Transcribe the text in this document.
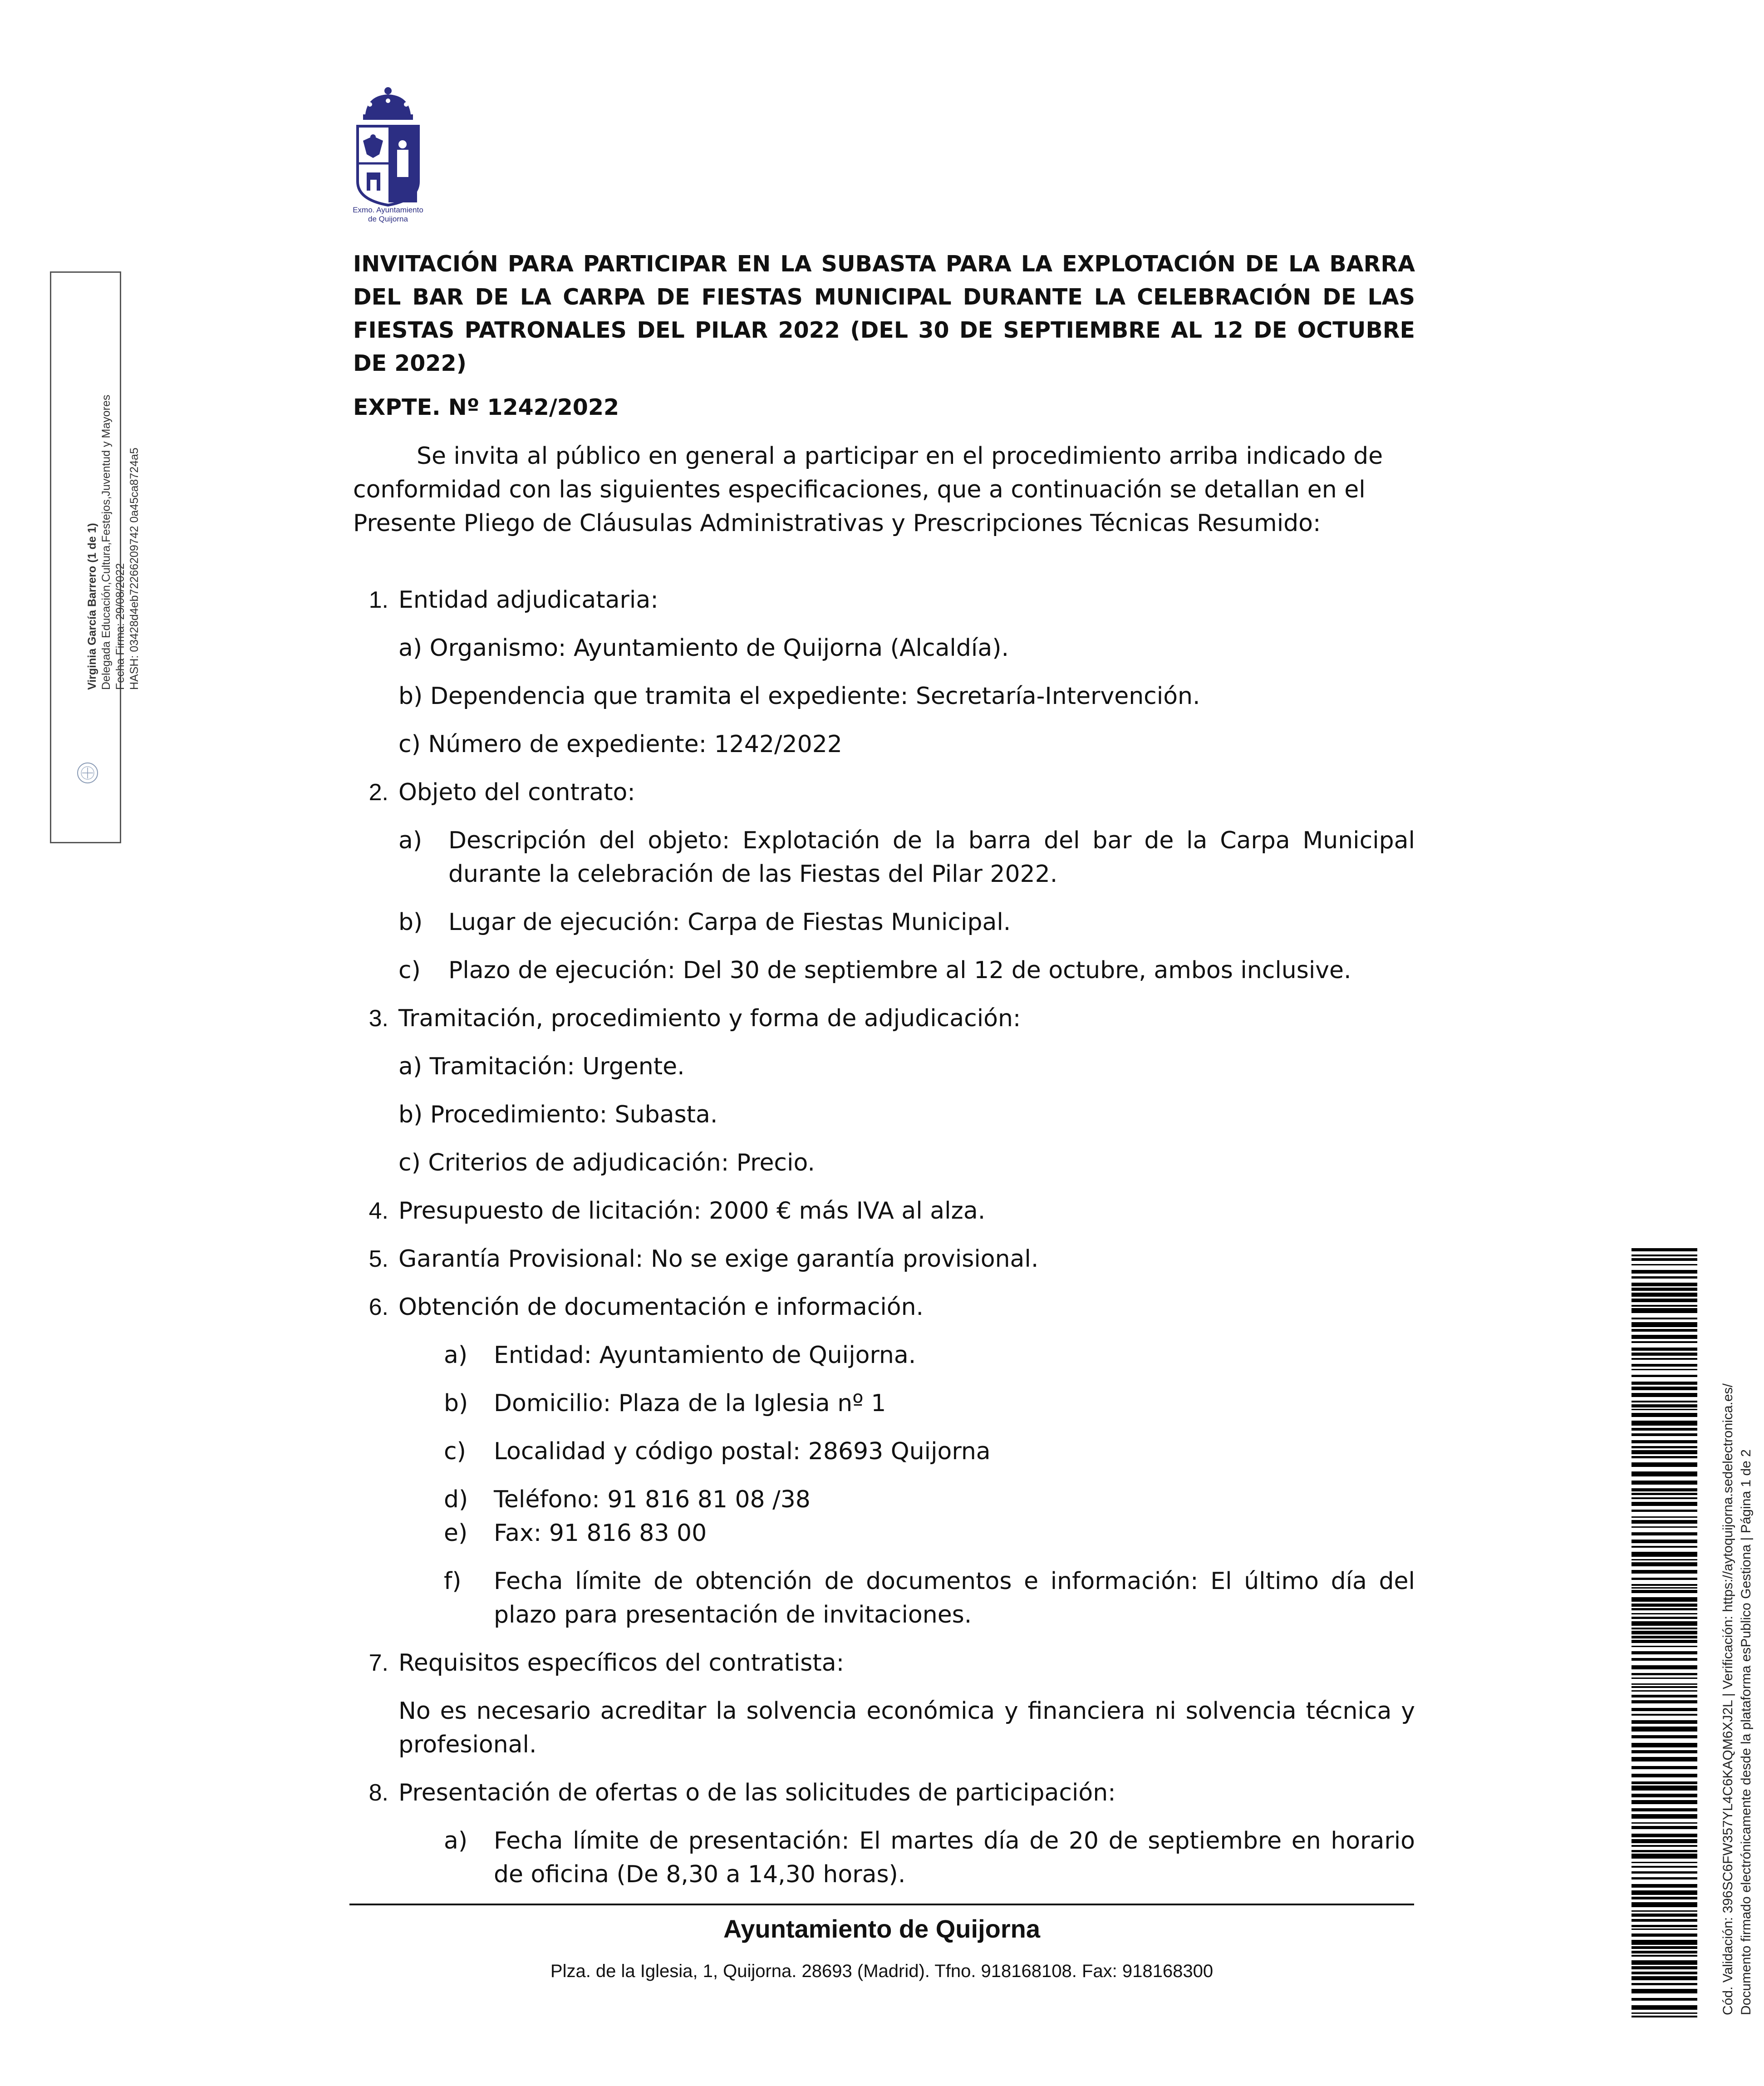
Virginia García Barrero (1 de 1) Delegada Educación,Cultura,Festejos,Juventud y Mayores Fecha Firma: 29/08/2022 HASH: 03428d4eb72266209742 0a45ca8724a5
Exmo. Ayuntamiento
de Quijorna

INVITACIÓN PARA PARTICIPAR EN LA SUBASTA PARA LA EXPLOTACIÓN DE LA BARRA DEL BAR DE LA CARPA DE FIESTAS MUNICIPAL DURANTE LA CELEBRACIÓN DE LAS FIESTAS PATRONALES DEL PILAR 2022 (DEL 30 DE SEPTIEMBRE AL 12 DE OCTUBRE DE 2022)

EXPTE. Nº 1242/2022

Se invita al público en general a participar en el procedimiento arriba indicado de conformidad con las siguientes especificaciones, que a continuación se detallan en el Presente Pliego de Cláusulas Administrativas y Prescripciones Técnicas Resumido:

1. Entidad adjudicataria:
a) Organismo: Ayuntamiento de Quijorna (Alcaldía).
b) Dependencia que tramita el expediente: Secretaría-Intervención.
c) Número de expediente: 1242/2022
2. Objeto del contrato:
a)	Descripción del objeto: Explotación de la barra del bar de la Carpa Municipal durante la celebración de las Fiestas del Pilar 2022.
b)	Lugar de ejecución: Carpa de Fiestas Municipal.
c)	Plazo de ejecución: Del 30 de septiembre al 12 de octubre, ambos inclusive.
3. Tramitación, procedimiento y forma de adjudicación:
a) Tramitación: Urgente.
b) Procedimiento: Subasta.
c) Criterios de adjudicación: Precio.
4. Presupuesto de licitación: 2000 € más IVA al alza.
5. Garantía Provisional: No se exige garantía provisional.
6. Obtención de documentación e información.
a)	Entidad: Ayuntamiento de Quijorna.
b)	Domicilio: Plaza de la Iglesia nº 1
c)	Localidad y código postal: 28693 Quijorna
d)	Teléfono: 91 816 81 08 /38
e)	Fax: 91 816 83 00
f)	Fecha límite de obtención de documentos e información: El último día del plazo para presentación de invitaciones.
7. Requisitos específicos del contratista:
No es necesario acreditar la solvencia económica y financiera ni solvencia técnica y profesional.
8. Presentación de ofertas o de las solicitudes de participación:
a)	Fecha límite de presentación: El martes día de 20 de septiembre en horario de oficina (De 8,30 a 14,30 horas).
Ayuntamiento de Quijorna
Plza. de la Iglesia, 1, Quijorna. 28693 (Madrid). Tfno. 918168108. Fax: 918168300	Cód. Validación: 396SC6FW357YL4C6KAQM6XJ2L | Verificación: https://aytoquijorna.sedelectronica.es/ Documento firmado electrónicamente desde la plataforma esPublico Gestiona | Página 1 de 2
